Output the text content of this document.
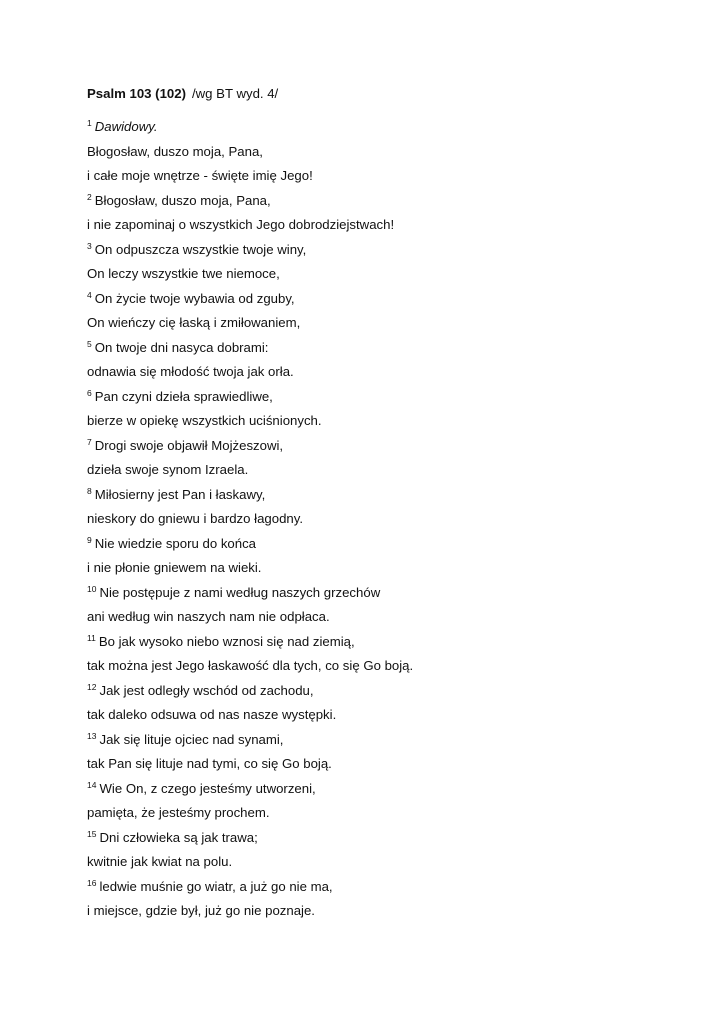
Psalm 103 (102) /wg BT wyd. 4/
$^1$ Dawidowy.
Błogosław, duszo moja, Pana,
i całe moje wnętrze - święte imię Jego!
$^2$ Błogosław, duszo moja, Pana,
i nie zapominaj o wszystkich Jego dobrodziejstwach!
$^3$ On odpuszcza wszystkie twoje winy,
On leczy wszystkie twe niemoce,
$^4$ On życie twoje wybawia od zguby,
On wieńczy cię łaską i zmiłowaniem,
$^5$ On twoje dni nasyca dobrami:
odnawia się młodość twoja jak orła.
$^6$ Pan czyni dzieła sprawiedliwe,
bierze w opiekę wszystkich uciśnionych.
$^7$ Drogi swoje objawił Mojżeszowi,
dzieła swoje synom Izraela.
$^8$ Miłosierny jest Pan i łaskawy,
nieskory do gniewu i bardzo łagodny.
$^9$ Nie wiedzie sporu do końca
i nie płonie gniewem na wieki.
$^{10}$ Nie postępuje z nami według naszych grzechów
ani według win naszych nam nie odpłaca.
$^{11}$ Bo jak wysoko niebo wznosi się nad ziemią,
tak można jest Jego łaskawość dla tych, co się Go boją.
$^{12}$ Jak jest odległy wschód od zachodu,
tak daleko odsuwa od nas nasze występki.
$^{13}$ Jak się lituje ojciec nad synami,
tak Pan się lituje nad tymi, co się Go boją.
$^{14}$ Wie On, z czego jesteśmy utworzeni,
pamięta, że jesteśmy prochem.
$^{15}$ Dni człowieka są jak trawa;
kwitnie jak kwiat na polu.
$^{16}$ ledwie muśnie go wiatr, a już go nie ma,
i miejsce, gdzie był, już go nie poznaje.
